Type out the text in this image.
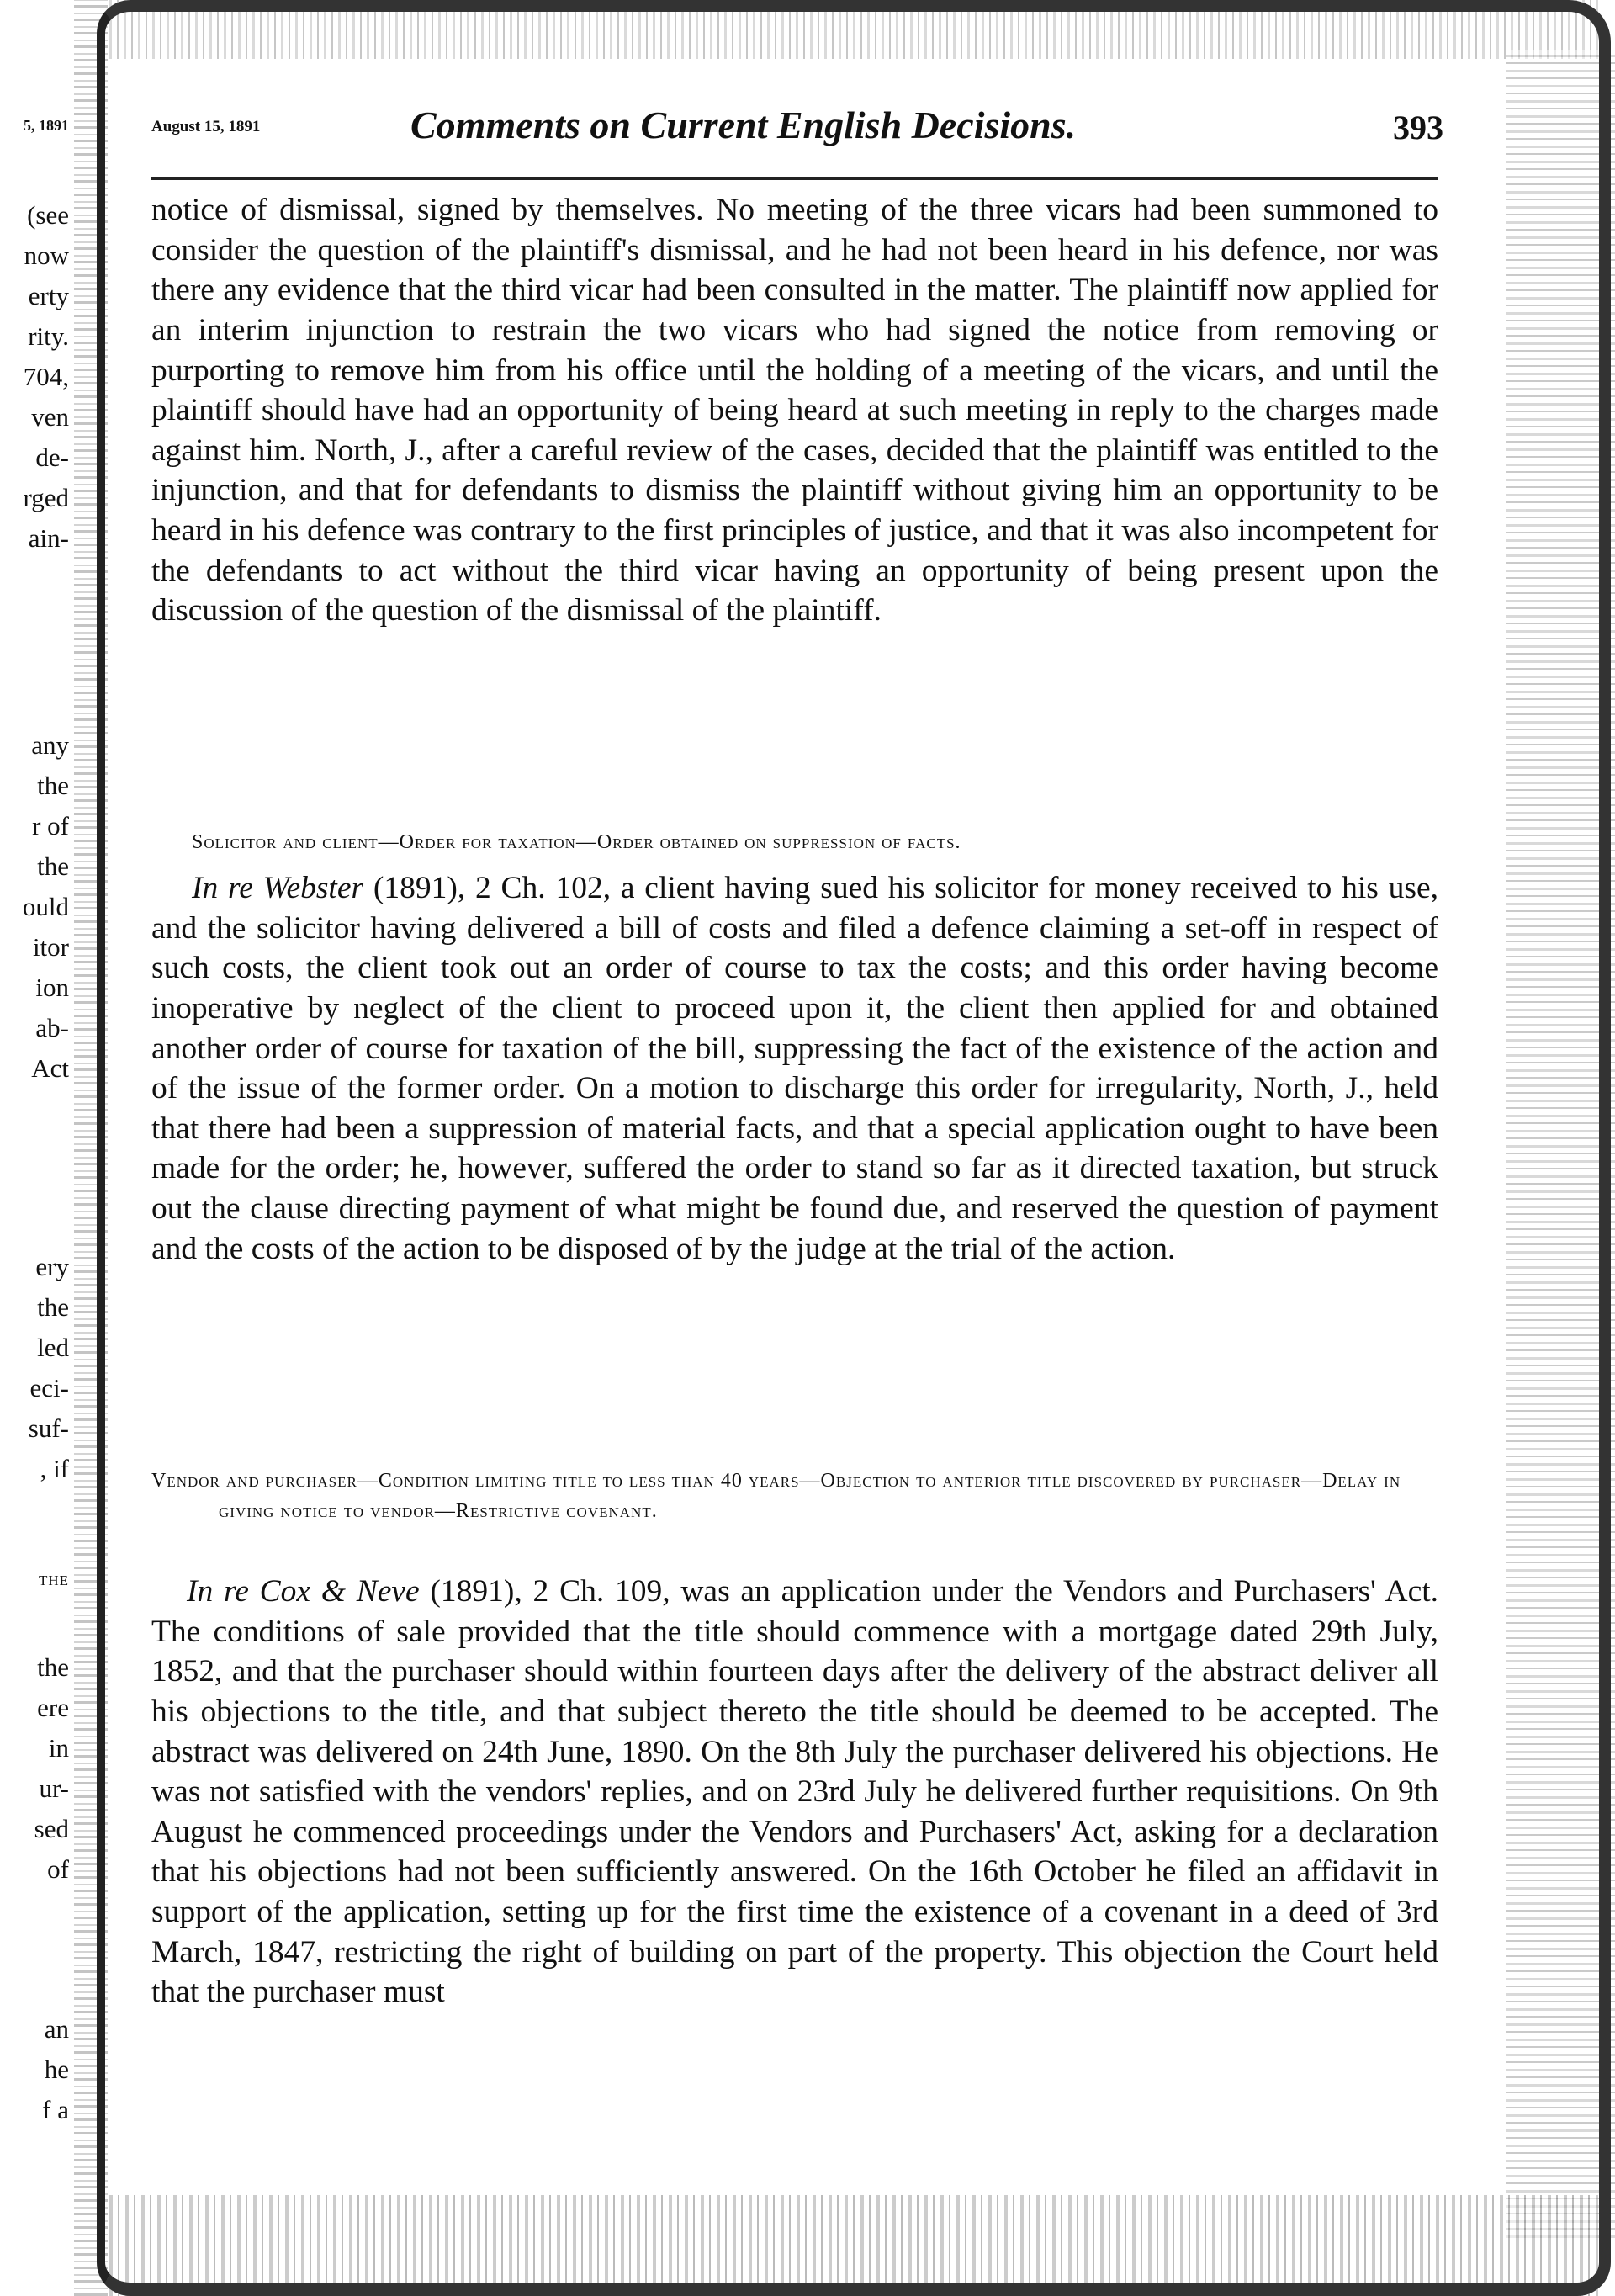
5, 1891
(see
now
erty
rity.
704,
ven
de-
rged
ain-
any
the
r of
the
ould
itor
ion
ab-
Act
ery
the
led
eci-
suf-
, if
THE
the
ere
in
ur-
sed
of
an
he
f a
August 15, 1891	Comments on Current English Decisions.	393
notice of dismissal, signed by themselves. No meeting of the three vicars had been summoned to consider the question of the plaintiff's dismissal, and he had not been heard in his defence, nor was there any evidence that the third vicar had been consulted in the matter. The plaintiff now applied for an interim injunction to restrain the two vicars who had signed the notice from removing or purporting to remove him from his office until the holding of a meeting of the vicars, and until the plaintiff should have had an opportunity of being heard at such meeting in reply to the charges made against him. North, J., after a careful review of the cases, decided that the plaintiff was entitled to the injunction, and that for defendants to dismiss the plaintiff without giving him an opportunity to be heard in his defence was contrary to the first principles of justice, and that it was also incompetent for the defendants to act without the third vicar having an opportunity of being present upon the discussion of the question of the dismissal of the plaintiff.
Solicitor and client—Order for taxation—Order obtained on suppression of facts.
In re Webster (1891), 2 Ch. 102, a client having sued his solicitor for money received to his use, and the solicitor having delivered a bill of costs and filed a defence claiming a set-off in respect of such costs, the client took out an order of course to tax the costs; and this order having become inoperative by neglect of the client to proceed upon it, the client then applied for and obtained another order of course for taxation of the bill, suppressing the fact of the existence of the action and of the issue of the former order. On a motion to discharge this order for irregularity, North, J., held that there had been a suppression of material facts, and that a special application ought to have been made for the order; he, however, suffered the order to stand so far as it directed taxation, but struck out the clause directing payment of what might be found due, and reserved the question of payment and the costs of the action to be disposed of by the judge at the trial of the action.
Vendor and purchaser—Condition limiting title to less than 40 years—Objection to anterior title discovered by purchaser—Delay in giving notice to vendor—Restrictive covenant.
In re Cox & Neve (1891), 2 Ch. 109, was an application under the Vendors and Purchasers' Act. The conditions of sale provided that the title should commence with a mortgage dated 29th July, 1852, and that the purchaser should within fourteen days after the delivery of the abstract deliver all his objections to the title, and that subject thereto the title should be deemed to be accepted. The abstract was delivered on 24th June, 1890. On the 8th July the purchaser delivered his objections. He was not satisfied with the vendors' replies, and on 23rd July he delivered further requisitions. On 9th August he commenced proceedings under the Vendors and Purchasers' Act, asking for a declaration that his objections had not been sufficiently answered. On the 16th October he filed an affidavit in support of the application, setting up for the first time the existence of a covenant in a deed of 3rd March, 1847, restricting the right of building on part of the property. This objection the Court held that the purchaser must
